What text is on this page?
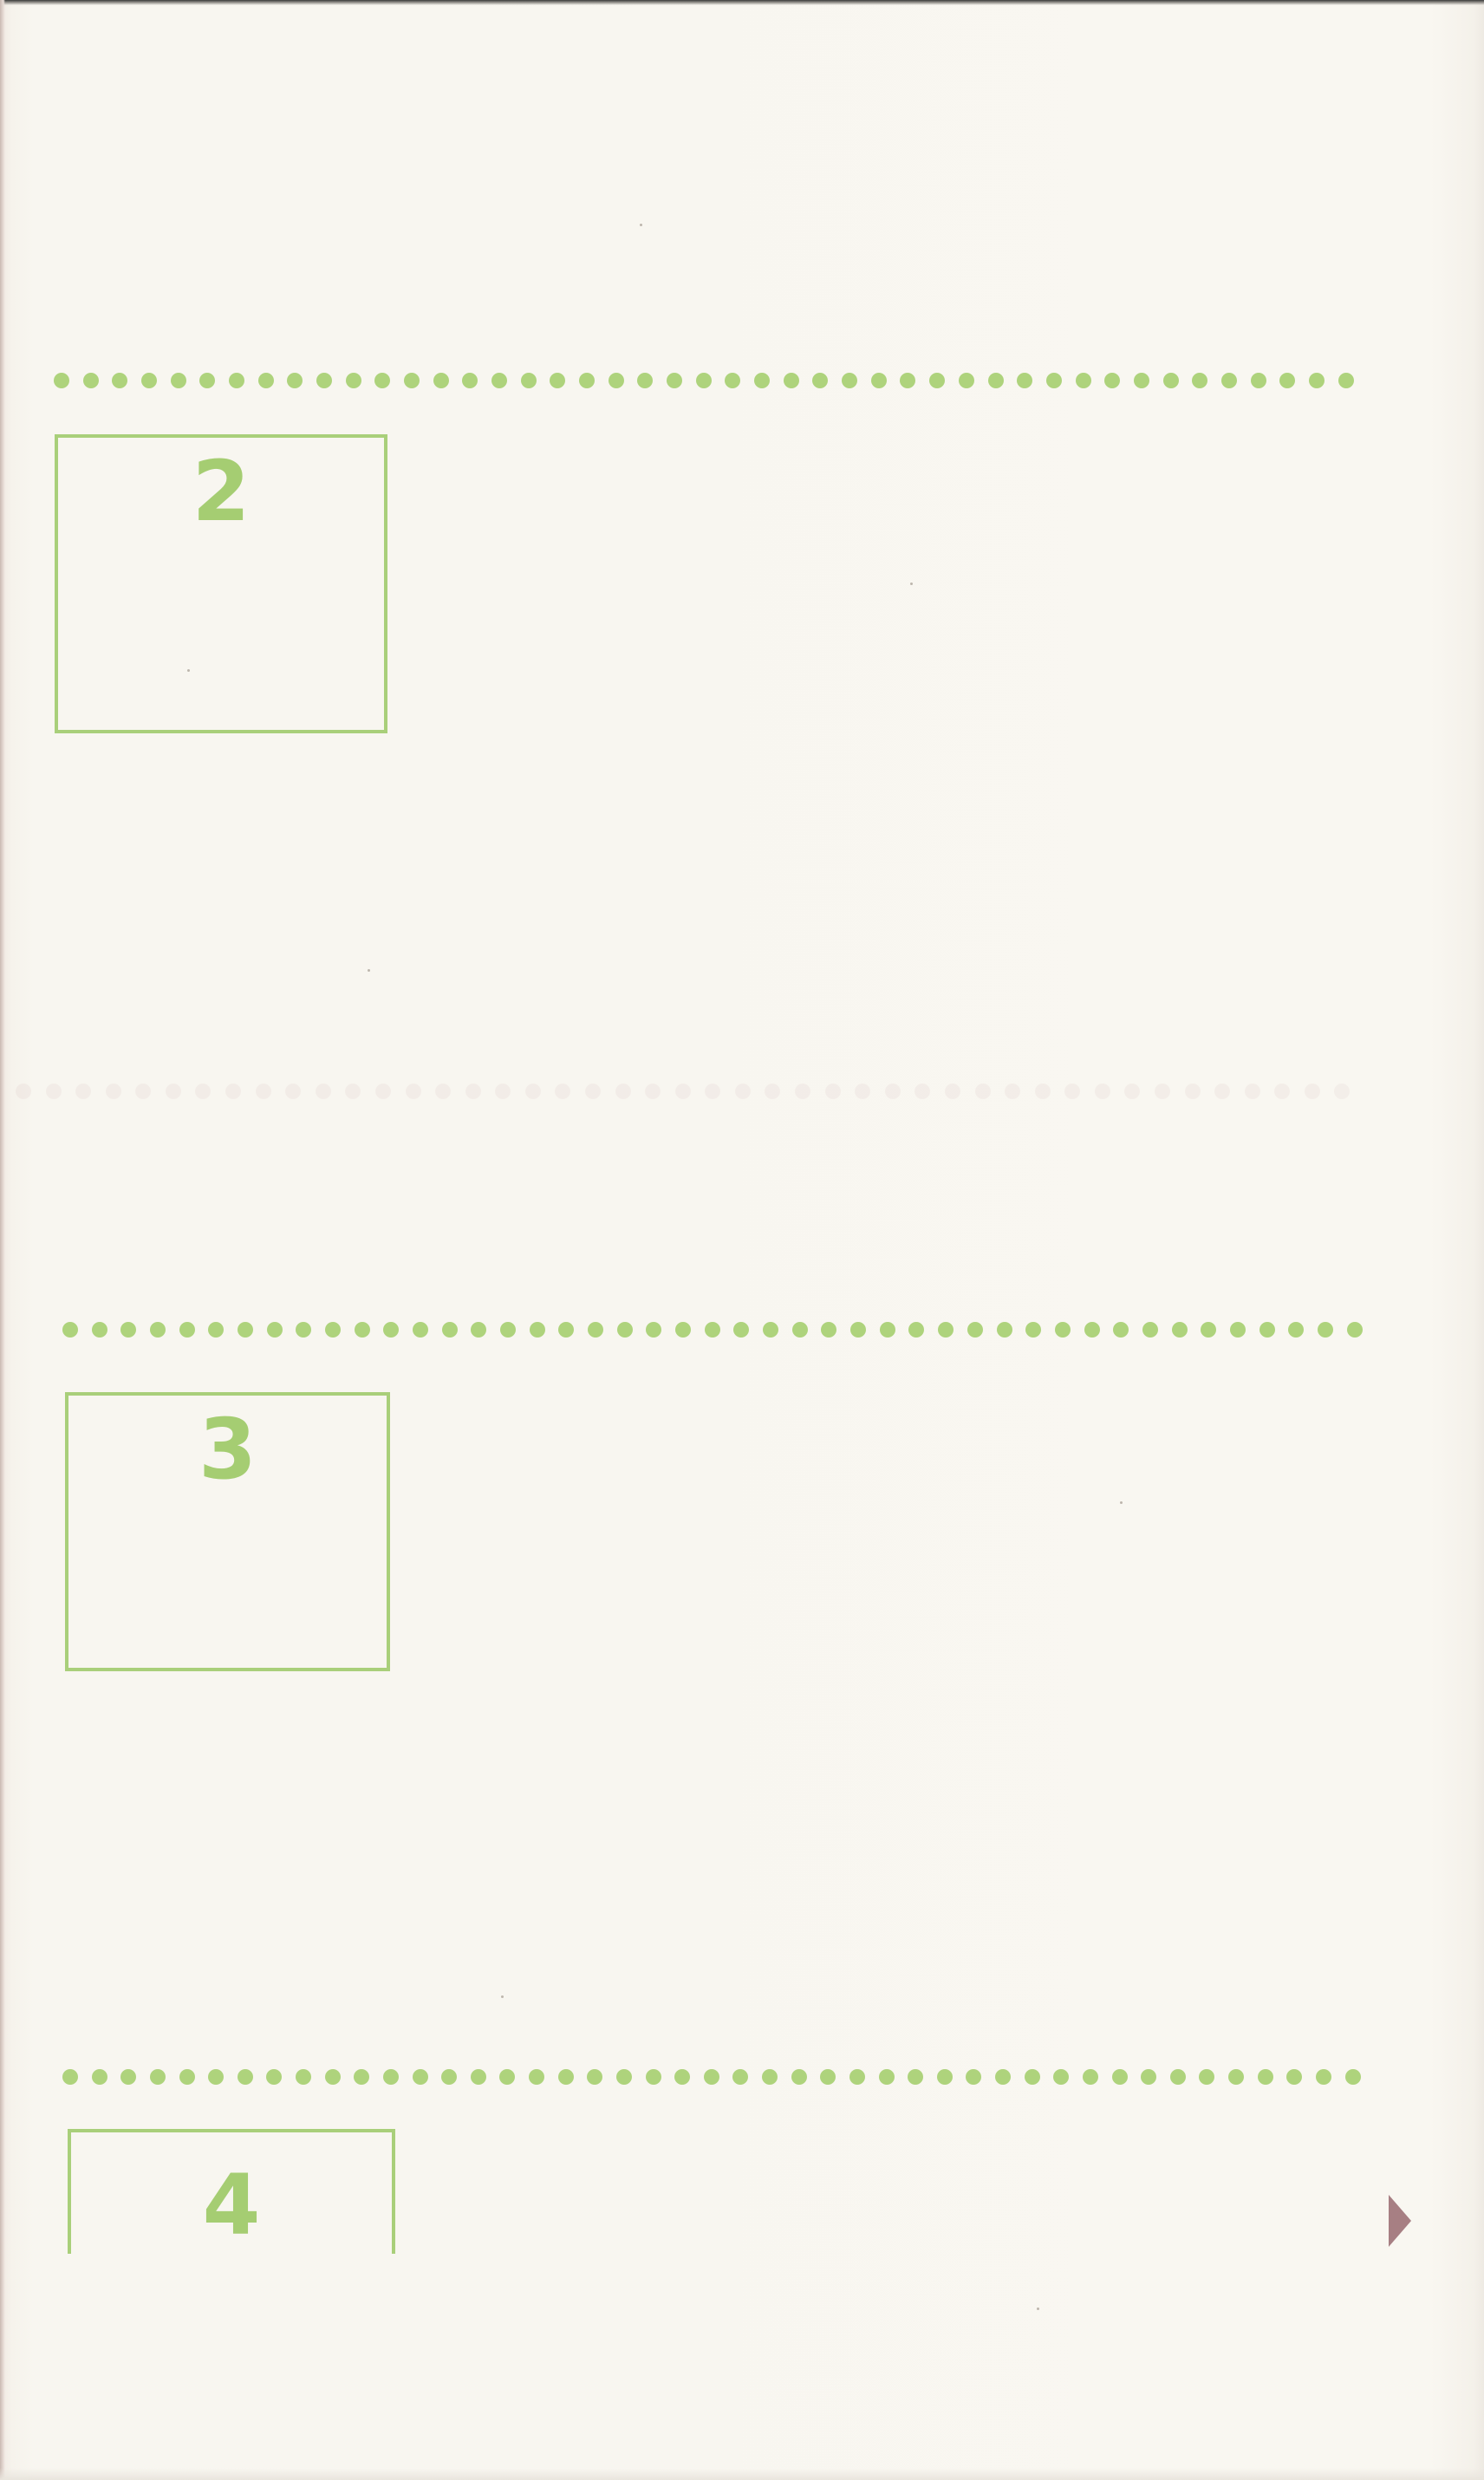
2
3
4
